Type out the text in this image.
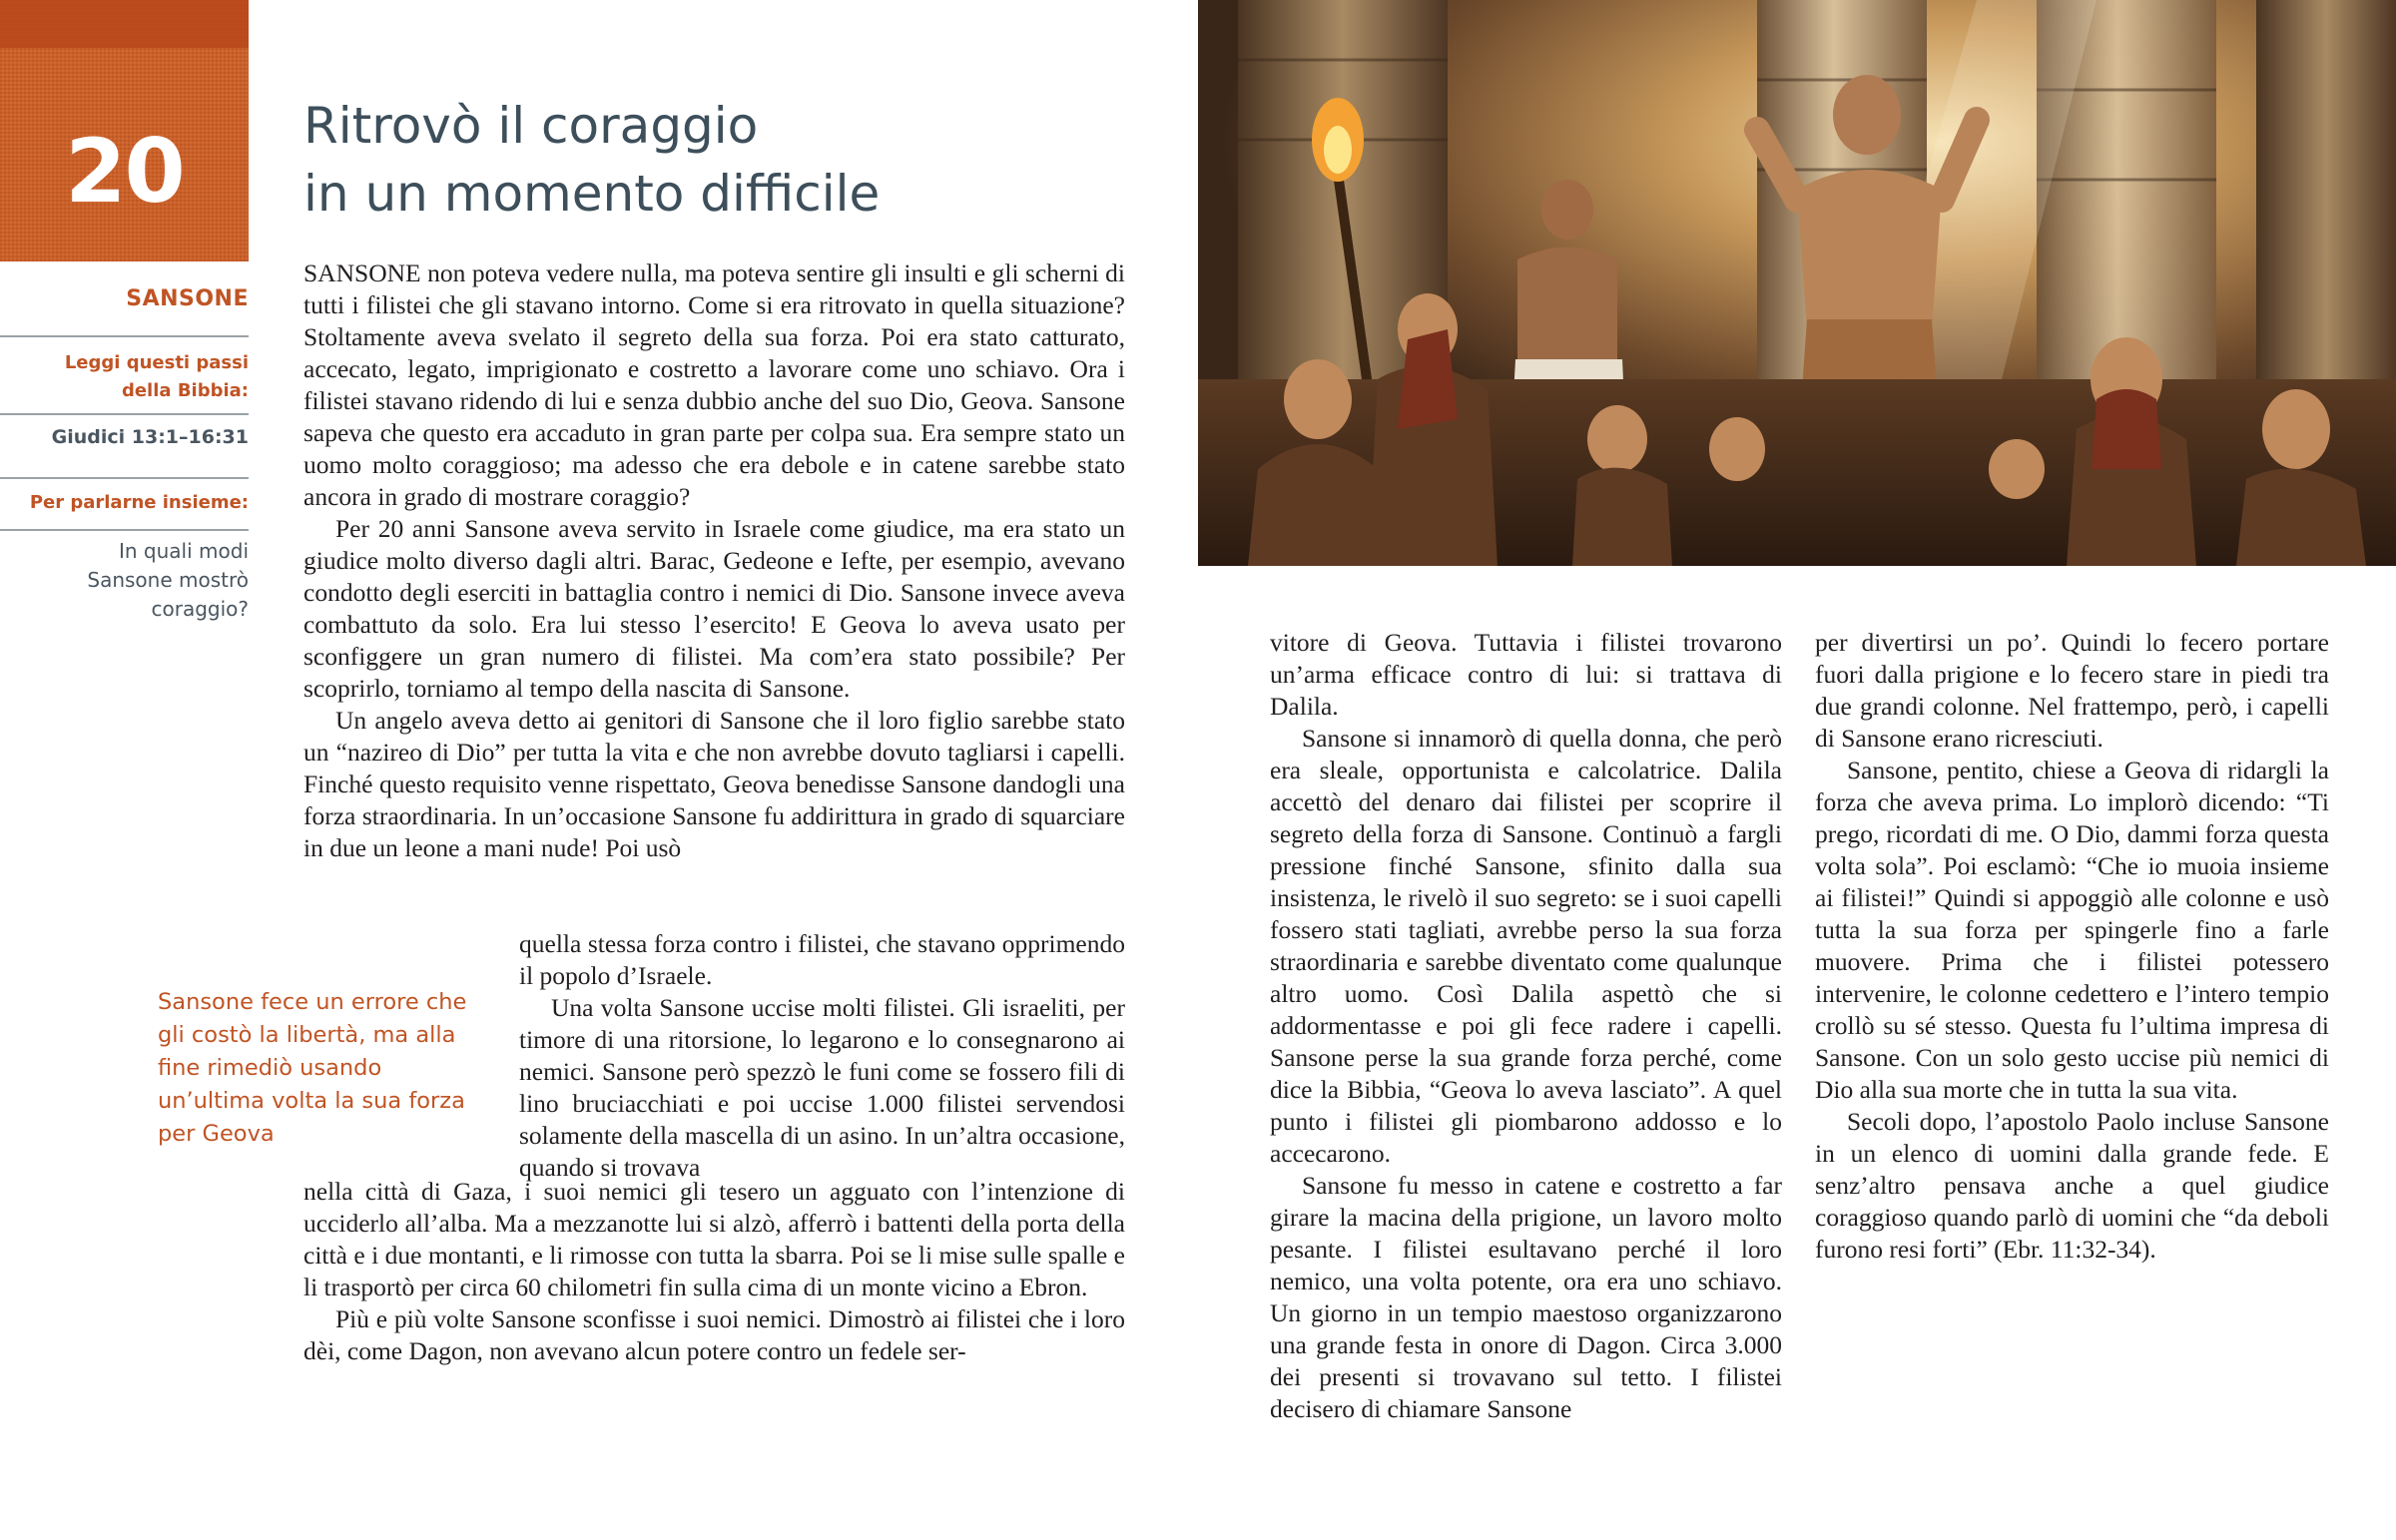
20	Ritrovò il coraggio
in un momento difficile
SANSONE
Leggi questi passi
della Bibbia:
Giudici 13:1–16:31
Per parlarne insieme:
In quali modi
Sansone mostrò
coraggio?

SANSONE non poteva vedere nulla, ma poteva sentire gli insulti e gli scherni di tutti i filistei che gli stavano intorno. Come si era ritrovato in quella situazione? Stoltamente aveva svelato il segreto della sua forza. Poi era stato catturato, accecato, legato, imprigionato e costretto a lavorare come uno schiavo. Ora i filistei stavano ridendo di lui e senza dubbio anche del suo Dio, Geova. Sansone sapeva che questo era accaduto in gran parte per colpa sua. Era sempre stato un uomo molto coraggioso; ma adesso che era debole e in catene sarebbe stato ancora in grado di mostrare coraggio?

Per 20 anni Sansone aveva servito in Israele come giudice, ma era stato un giudice molto diverso dagli altri. Barac, Gedeone e Iefte, per esempio, avevano condotto degli eserciti in battaglia contro i nemici di Dio. Sansone invece aveva combattuto da solo. Era lui stesso l’esercito! E Geova lo aveva usato per sconfiggere un gran numero di filistei. Ma com’era stato possibile? Per scoprirlo, torniamo al tempo della nascita di Sansone.

Un angelo aveva detto ai genitori di Sansone che il loro figlio sarebbe stato un “nazireo di Dio” per tutta la vita e che non avrebbe dovuto tagliarsi i capelli. Finché questo requisito venne rispettato, Geova benedisse Sansone dandogli una forza straordinaria. In un’occasione Sansone fu addirittura in grado di squarciare in due un leone a mani nude! Poi usò

quella stessa forza contro i filistei, che stavano opprimendo il popolo d’Israele.

Una volta Sansone uccise molti filistei. Gli israeliti, per timore di una ritorsione, lo legarono e lo consegnarono ai nemici. Sansone però spezzò le funi come se fossero fili di lino bruciacchiati e poi uccise 1.000 filistei servendosi solamente della mascella di un asino. In un’altra occasione, quando si trovava

nella città di Gaza, i suoi nemici gli tesero un agguato con l’intenzione di ucciderlo all’alba. Ma a mezzanotte lui si alzò, afferrò i battenti della porta della città e i due montanti, e li rimosse con tutta la sbarra. Poi se li mise sulle spalle e li trasportò per circa 60 chilometri fin sulla cima di un monte vicino a Ebron.

Più e più volte Sansone sconfisse i suoi nemici. Dimostrò ai filistei che i loro dèi, come Dagon, non avevano alcun potere contro un fedele ser-

Sansone fece un errore che gli costò la libertà, ma alla fine rimediò usando un’ultima volta la sua forza per Geova

vitore di Geova. Tuttavia i filistei trovarono un’arma efficace contro di lui: si trattava di Dalila.

Sansone si innamorò di quella donna, che però era sleale, opportunista e calcolatrice. Dalila accettò del denaro dai filistei per scoprire il segreto della forza di Sansone. Continuò a fargli pressione finché Sansone, sfinito dalla sua insistenza, le rivelò il suo segreto: se i suoi capelli fossero stati tagliati, avrebbe perso la sua forza straordinaria e sarebbe diventato come qualunque altro uomo. Così Dalila aspettò che si addormentasse e poi gli fece radere i capelli. Sansone perse la sua grande forza perché, come dice la Bibbia, “Geova lo aveva lasciato”. A quel punto i filistei gli piombarono addosso e lo accecarono.

Sansone fu messo in catene e costretto a far girare la macina della prigione, un lavoro molto pesante. I filistei esultavano perché il loro nemico, una volta potente, ora era uno schiavo. Un giorno in un tempio maestoso organizzarono una grande festa in onore di Dagon. Circa 3.000 dei presenti si trovavano sul tetto. I filistei decisero di chiamare Sansone

per divertirsi un po’. Quindi lo fecero portare fuori dalla prigione e lo fecero stare in piedi tra due grandi colonne. Nel frattempo, però, i capelli di Sansone erano ricresciuti.

Sansone, pentito, chiese a Geova di ridargli la forza che aveva prima. Lo implorò dicendo: “Ti prego, ricordati di me. O Dio, dammi forza questa volta sola”. Poi esclamò: “Che io muoia insieme ai filistei!” Quindi si appoggiò alle colonne e usò tutta la sua forza per spingerle fino a farle muovere. Prima che i filistei potessero intervenire, le colonne cedettero e l’intero tempio crollò su sé stesso. Questa fu l’ultima impresa di Sansone. Con un solo gesto uccise più nemici di Dio alla sua morte che in tutta la sua vita.

Secoli dopo, l’apostolo Paolo incluse Sansone in un elenco di uomini dalla grande fede. E senz’altro pensava anche a quel giudice coraggioso quando parlò di uomini che “da deboli furono resi forti” (Ebr. 11:32-34).
